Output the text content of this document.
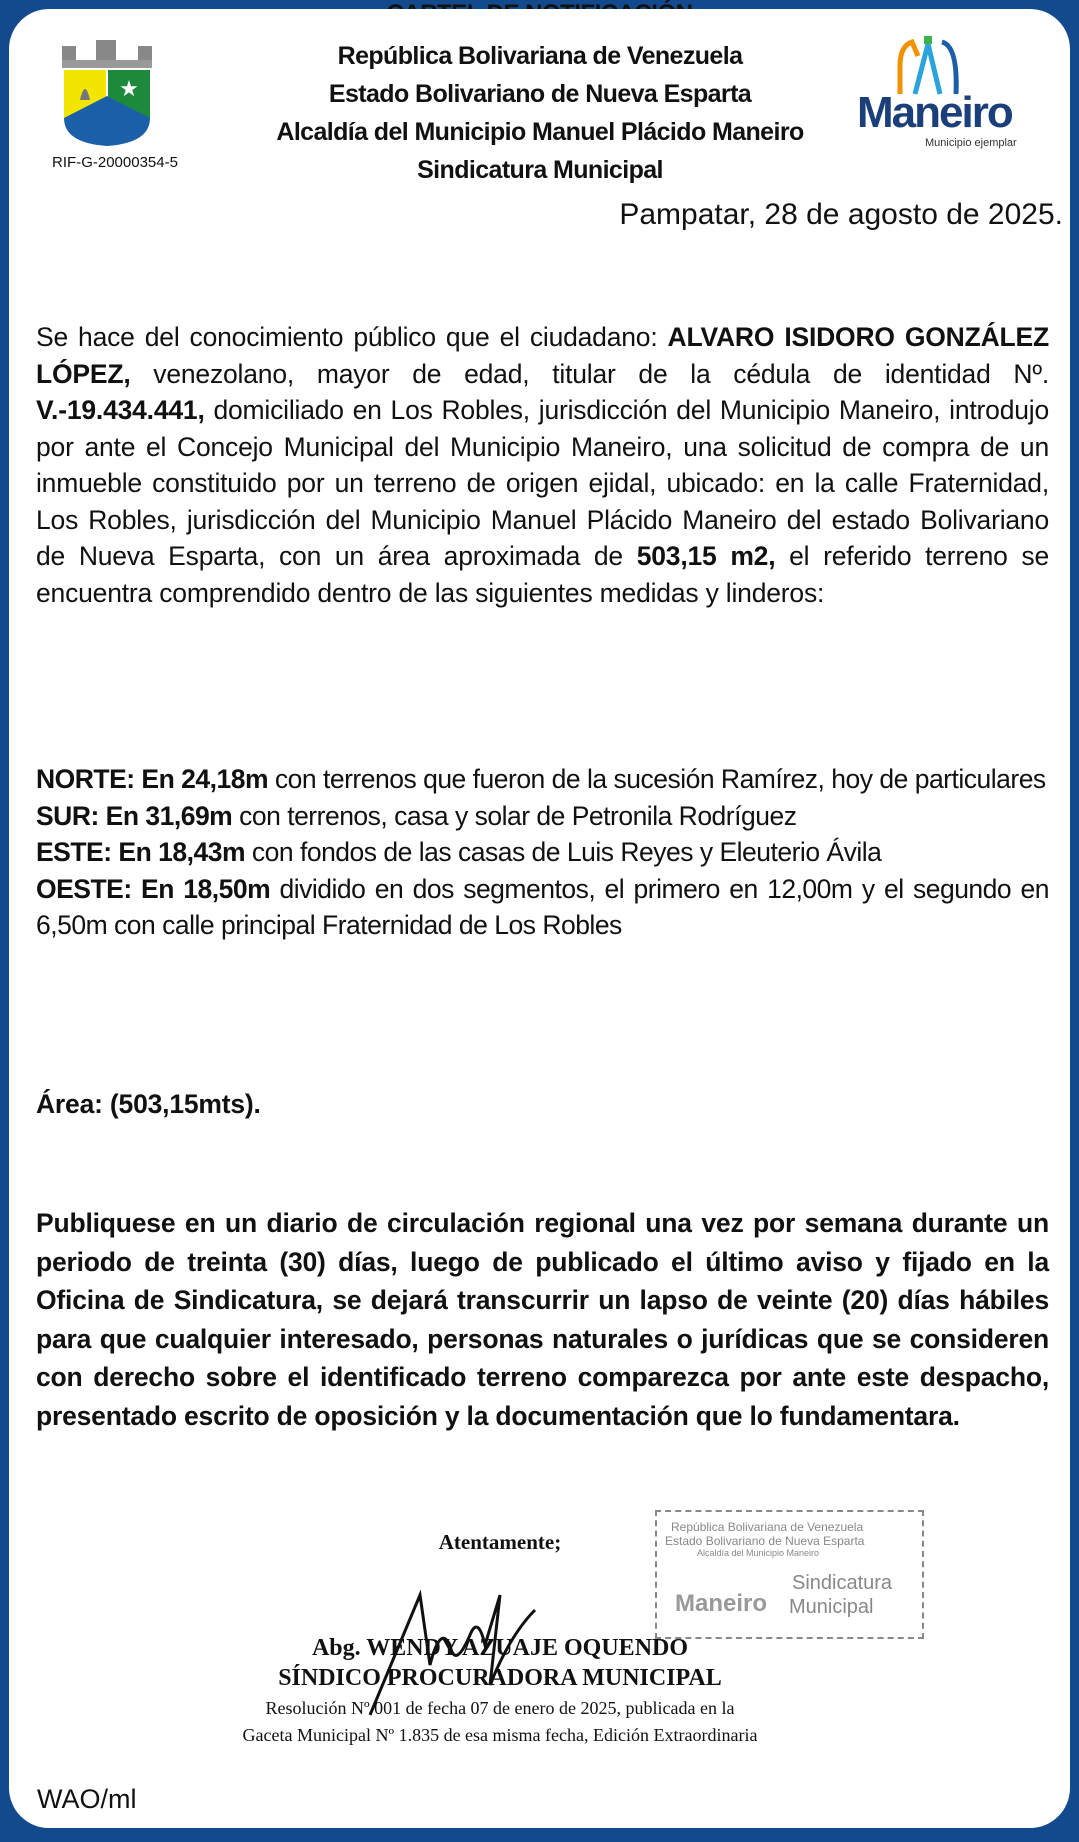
★
RIF-G-20000354-5
República Bolivariana de Venezuela
Estado Bolivariano de Nueva Esparta
Alcaldía del Municipio Manuel Plácido Maneiro
Sindicatura Municipal
Maneiro
Municipio ejemplar
Pampatar, 28 de agosto de 2025.
Se hace del conocimiento público que el ciudadano: ALVARO ISIDORO GONZÁLEZ LÓPEZ, venezolano, mayor de edad, titular de la cédula de identidad Nº. V.-19.434.441, domiciliado en Los Robles, jurisdicción del Municipio Maneiro, introdujo por ante el Concejo Municipal del Municipio Maneiro, una solicitud de compra de un inmueble constituido por un terreno de origen ejidal, ubicado: en la calle Fraternidad, Los Robles, jurisdicción del Municipio Manuel Plácido Maneiro del estado Bolivariano de Nueva Esparta, con un área aproximada de 503,15 m2, el referido terreno se encuentra comprendido dentro de las siguientes medidas y linderos:
NORTE: En 24,18m con terrenos que fueron de la sucesión Ramírez, hoy de particulares
SUR: En 31,69m con terrenos, casa y solar de Petronila Rodríguez
ESTE: En 18,43m con fondos de las casas de Luis Reyes y Eleuterio Ávila
OESTE: En 18,50m dividido en dos segmentos, el primero en 12,00m y el segundo en 6,50m con calle principal Fraternidad de Los Robles
Área: (503,15mts).
Publiquese en un diario de circulación regional una vez por semana durante un periodo de treinta (30) días, luego de publicado el último aviso y fijado en la Oficina de Sindicatura, se dejará transcurrir un lapso de veinte (20) días hábiles para que cualquier interesado, personas naturales o jurídicas que se consideren con derecho sobre el identificado terreno comparezca por ante este despacho, presentado escrito de oposición y la documentación que lo fundamentara.
Atentamente;
República Bolivariana de Venezuela
Estado Bolivariano de Nueva Esparta
Alcaldía del Municipio Maneiro
Maneiro
Sindicatura
Municipal
Abg. WENDY AZUAJE OQUENDO
SÍNDICO PROCURADORA MUNICIPAL
Resolución Nº 001 de fecha 07 de enero de 2025, publicada en la
Gaceta Municipal Nº 1.835 de esa misma fecha, Edición Extraordinaria
WAO/ml
